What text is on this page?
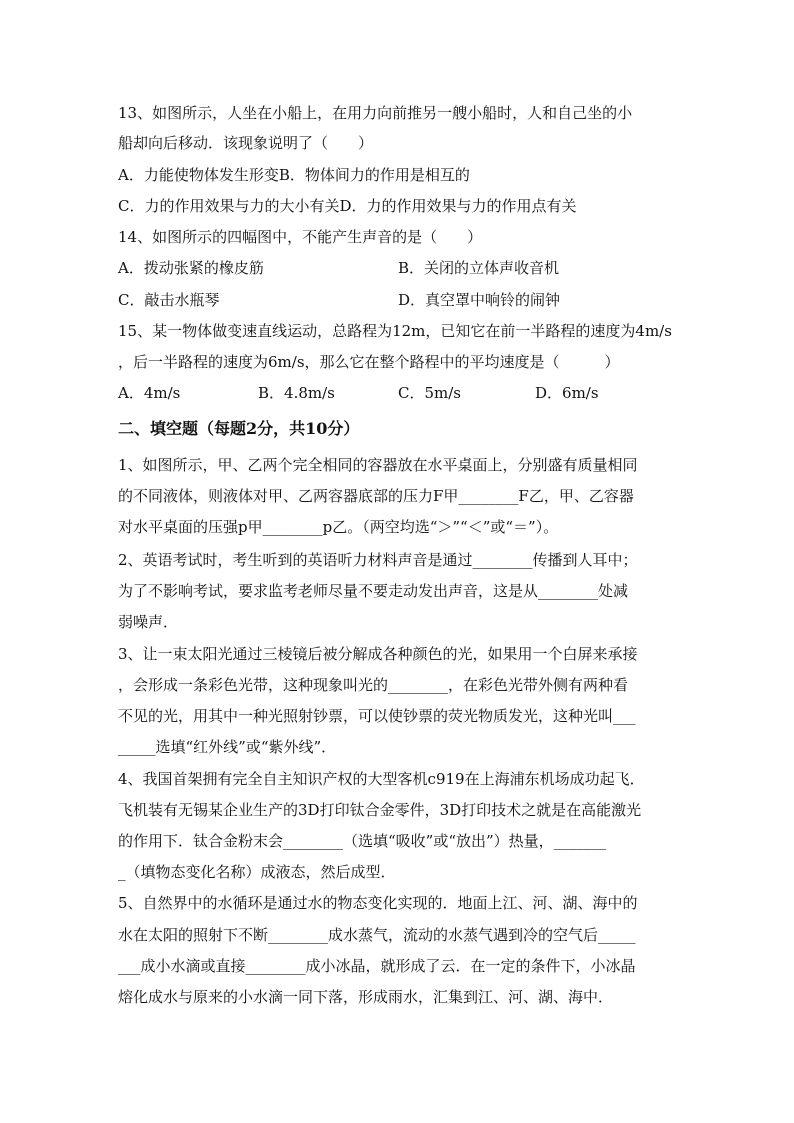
13、如图所示，人坐在小船上，在用力向前推另一艘小船时，人和自己坐的小
船却向后移动．该现象说明了（　　）
A．力能使物体发生形变B．物体间力的作用是相互的
C．力的作用效果与力的大小有关D．力的作用效果与力的作用点有关
14、如图所示的四幅图中，不能产生声音的是（　　）
A．拨动张紧的橡皮筋	B．关闭的立体声收音机
C．敲击水瓶琴	D．真空罩中响铃的闹钟
15、某一物体做变速直线运动，总路程为12m，已知它在前一半路程的速度为4m/s
，后一半路程的速度为6m/s，那么它在整个路程中的平均速度是（　　　）
A．4m/s	B．4.8m/s	C．5m/s	D．6m/s
二、填空题（每题2分，共10分）
1、如图所示，甲、乙两个完全相同的容器放在水平桌面上，分别盛有质量相同
的不同液体，则液体对甲、乙两容器底部的压力F甲________F乙，甲、乙容器
对水平桌面的压强p甲________p乙。（两空均选“＞”“＜”或“＝”）。
2、英语考试时，考生听到的英语听力材料声音是通过________传播到人耳中；
为了不影响考试，要求监考老师尽量不要走动发出声音，这是从________处减
弱噪声．
3、让一束太阳光通过三棱镜后被分解成各种颜色的光，如果用一个白屏来承接
，会形成一条彩色光带，这种现象叫光的________，在彩色光带外侧有两种看
不见的光，用其中一种光照射钞票，可以使钞票的荧光物质发光，这种光叫___
_____选填“红外线”或“紫外线”．
4、我国首架拥有完全自主知识产权的大型客机c919在上海浦东机场成功起飞．
飞机装有无锡某企业生产的3D打印钛合金零件，3D打印技术之就是在高能激光
的作用下．钛合金粉末会________（选填“吸收”或“放出”）热量，_______
_（填物态变化名称）成液态，然后成型．
5、自然界中的水循环是通过水的物态变化实现的．地面上江、河、湖、海中的
水在太阳的照射下不断________成水蒸气，流动的水蒸气遇到冷的空气后_____
___成小水滴或直接________成小冰晶，就形成了云．在一定的条件下，小冰晶
熔化成水与原来的小水滴一同下落，形成雨水，汇集到江、河、湖、海中．
